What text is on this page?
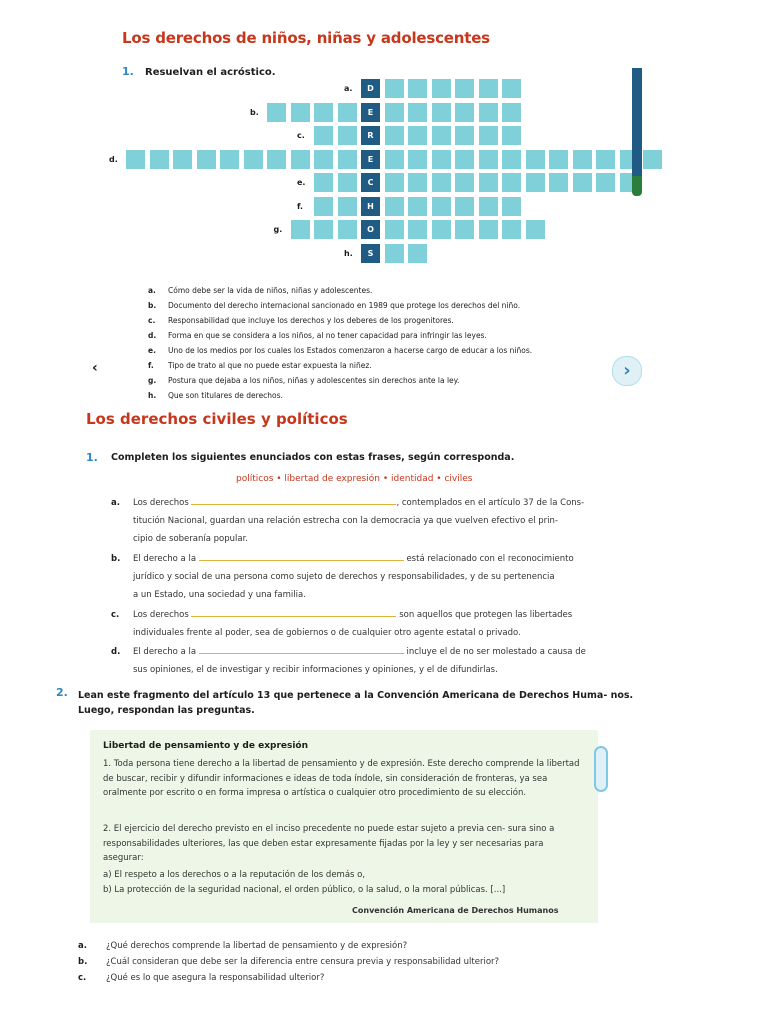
Los derechos de niños, niñas y adolescentes
1. Resuelvan el acróstico.
D
a.
E
b.
R
c.
E
d.
C
e.
H
f.
O
g.
S
h.
a. Cómo debe ser la vida de niños, niñas y adolescentes.
b. Documento del derecho internacional sancionado en 1989 que protege los derechos del niño.
c. Responsabilidad que incluye los derechos y los deberes de los progenitores.
d. Forma en que se considera a los niños, al no tener capacidad para infringir las leyes.
e. Uno de los medios por los cuales los Estados comenzaron a hacerse cargo de educar a los niños.
f. Tipo de trato al que no puede estar expuesta la niñez.
g. Postura que dejaba a los niños, niñas y adolescentes sin derechos ante la ley.
h. Que son titulares de derechos.
‹	›
Los derechos civiles y políticos
1. Completen los siguientes enunciados con estas frases, según corresponda.
políticos • libertad de expresión • identidad • civiles
a. Los derechos	, contemplados en el artículo 37 de la Cons-
titución Nacional, guardan una relación estrecha con la democracia ya que vuelven efectivo el prin-
cipio de soberanía popular.
b. El derecho a la	está relacionado con el reconocimiento
jurídico y social de una persona como sujeto de derechos y responsabilidades, y de su pertenencia
a un Estado, una sociedad y una familia.
c. Los derechos	son aquellos que protegen las libertades
individuales frente al poder, sea de gobiernos o de cualquier otro agente estatal o privado.
d. El derecho a la	incluye el de no ser molestado a causa de
sus opiniones, el de investigar y recibir informaciones y opiniones, y el de difundirlas.
2. Lean este fragmento del artículo 13 que pertenece a la Convención Americana de Derechos Huma- nos. Luego, respondan las preguntas.
Libertad de pensamiento y de expresión
1. Toda persona tiene derecho a la libertad de pensamiento y de expresión. Este derecho comprende la libertad de buscar, recibir y difundir informaciones e ideas de toda índole, sin consideración de fronteras, ya sea oralmente por escrito o en forma impresa o artística o cualquier otro procedimiento de su elección.
2. El ejercicio del derecho previsto en el inciso precedente no puede estar sujeto a previa cen- sura sino a responsabilidades ulteriores, las que deben estar expresamente fijadas por la ley y ser necesarias para asegurar:
a) El respeto a los derechos o a la reputación de los demás o,
b) La protección de la seguridad nacional, el orden público, o la salud, o la moral públicas. [...]
Convención Americana de Derechos Humanos
a. ¿Qué derechos comprende la libertad de pensamiento y de expresión?
b. ¿Cuál consideran que debe ser la diferencia entre censura previa y responsabilidad ulterior?
c. ¿Qué es lo que asegura la responsabilidad ulterior?
